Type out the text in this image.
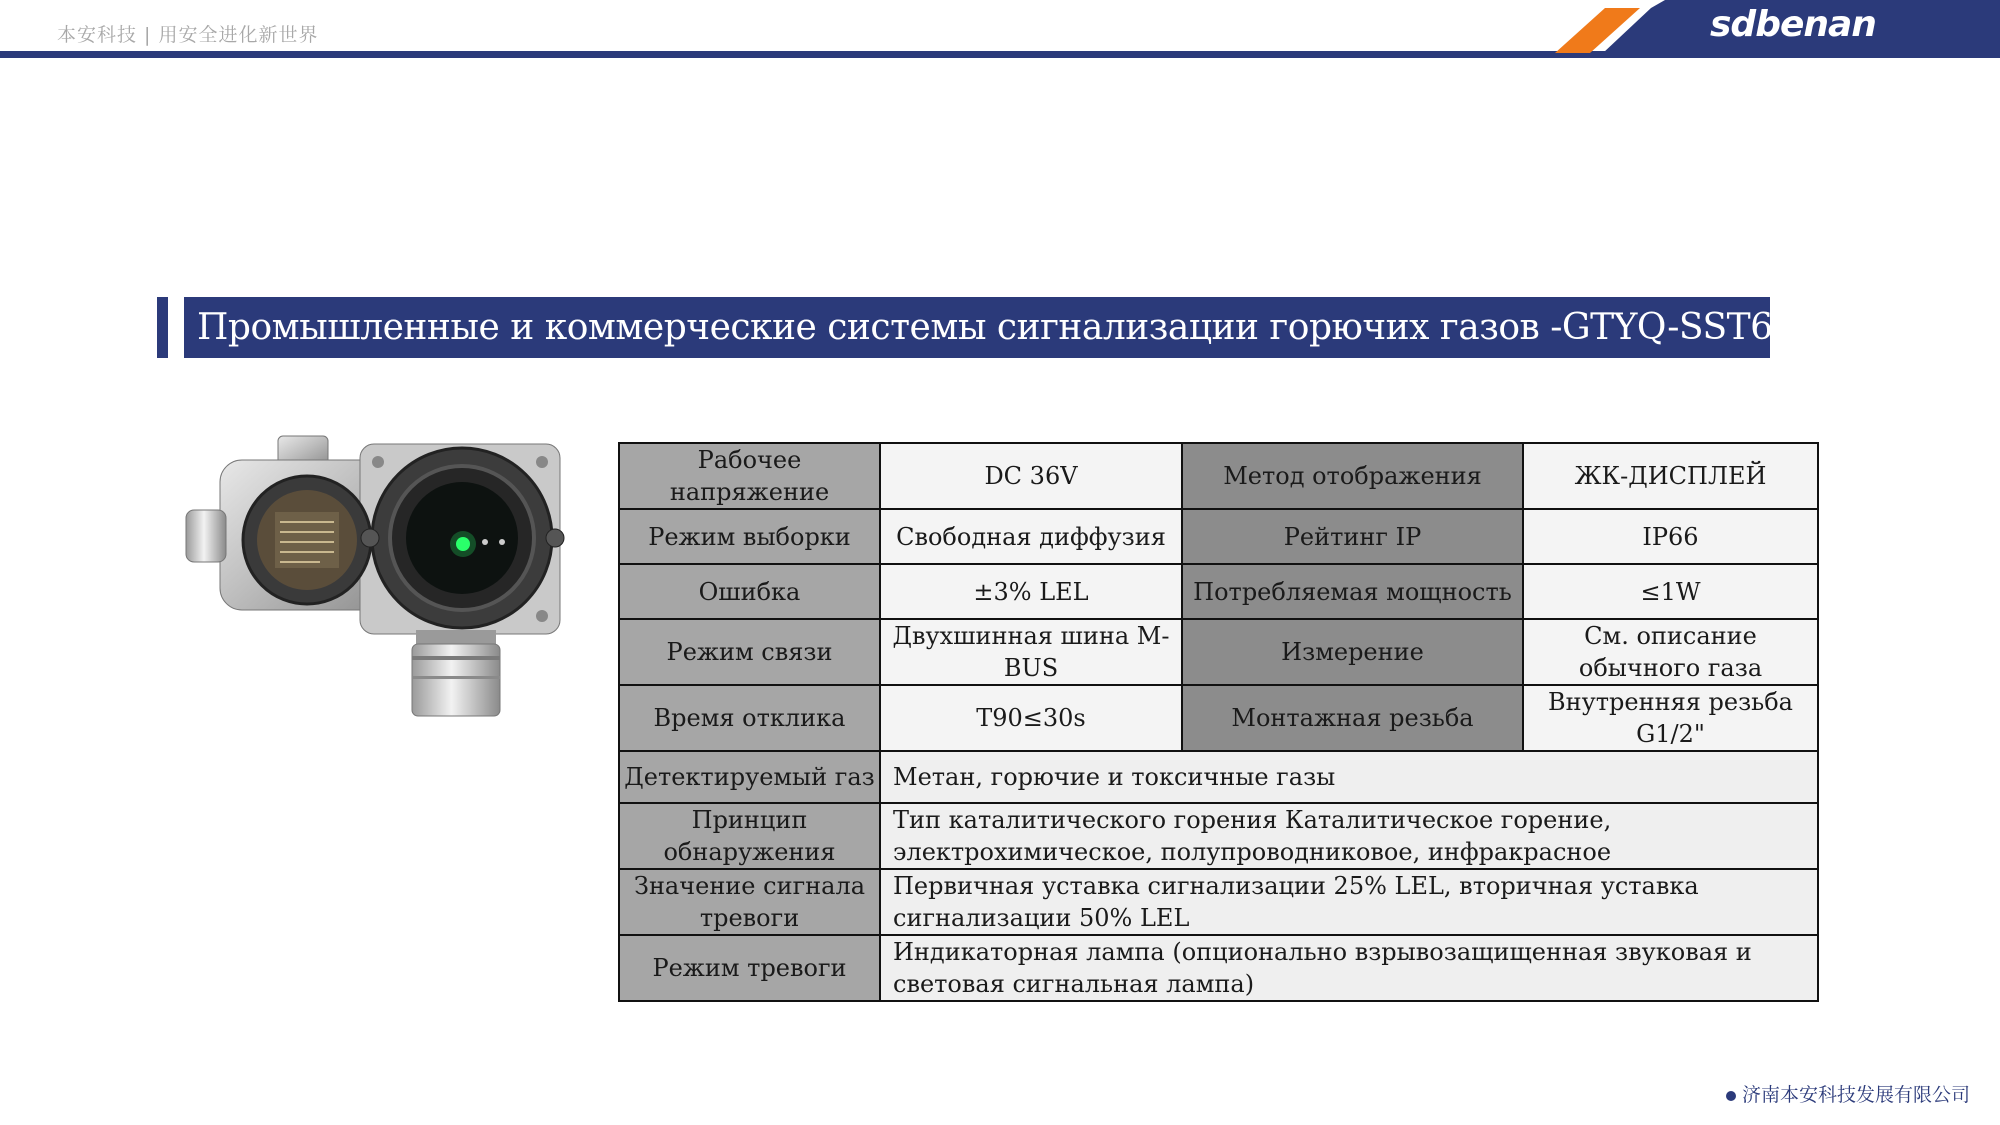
本安科技 | 用安全进化新世界	sdbenan
Промышленные и коммерческие системы сигнализации горючих газов -GTYQ-SST607LED-E
Рабочее напряжение	DC 36V	Метод отображения	ЖК-ДИСПЛЕЙ
Режим выборки	Свободная диффузия	Рейтинг IP	IP66
Ошибка	±3% LEL	Потребляемая мощность	≤1W
Режим связи	Двухшинная шина M-BUS	Измерение	См. описание обычного газа
Время отклика	T90≤30s	Монтажная резьба	Внутренняя резьба G1/2"
Детектируемый газ	Метан, горючие и токсичные газы		
Принцип обнаружения	Тип каталитического горения Каталитическое горение, электрохимическое, полупроводниковое, инфракрасное		
Значение сигнала тревоги	Первичная уставка сигнализации 25% LEL, вторичная уставка сигнализации 50% LEL		
Режим тревоги	Индикаторная лампа (опционально взрывозащищенная звуковая и световая сигнальная лампа)		
济南本安科技发展有限公司
